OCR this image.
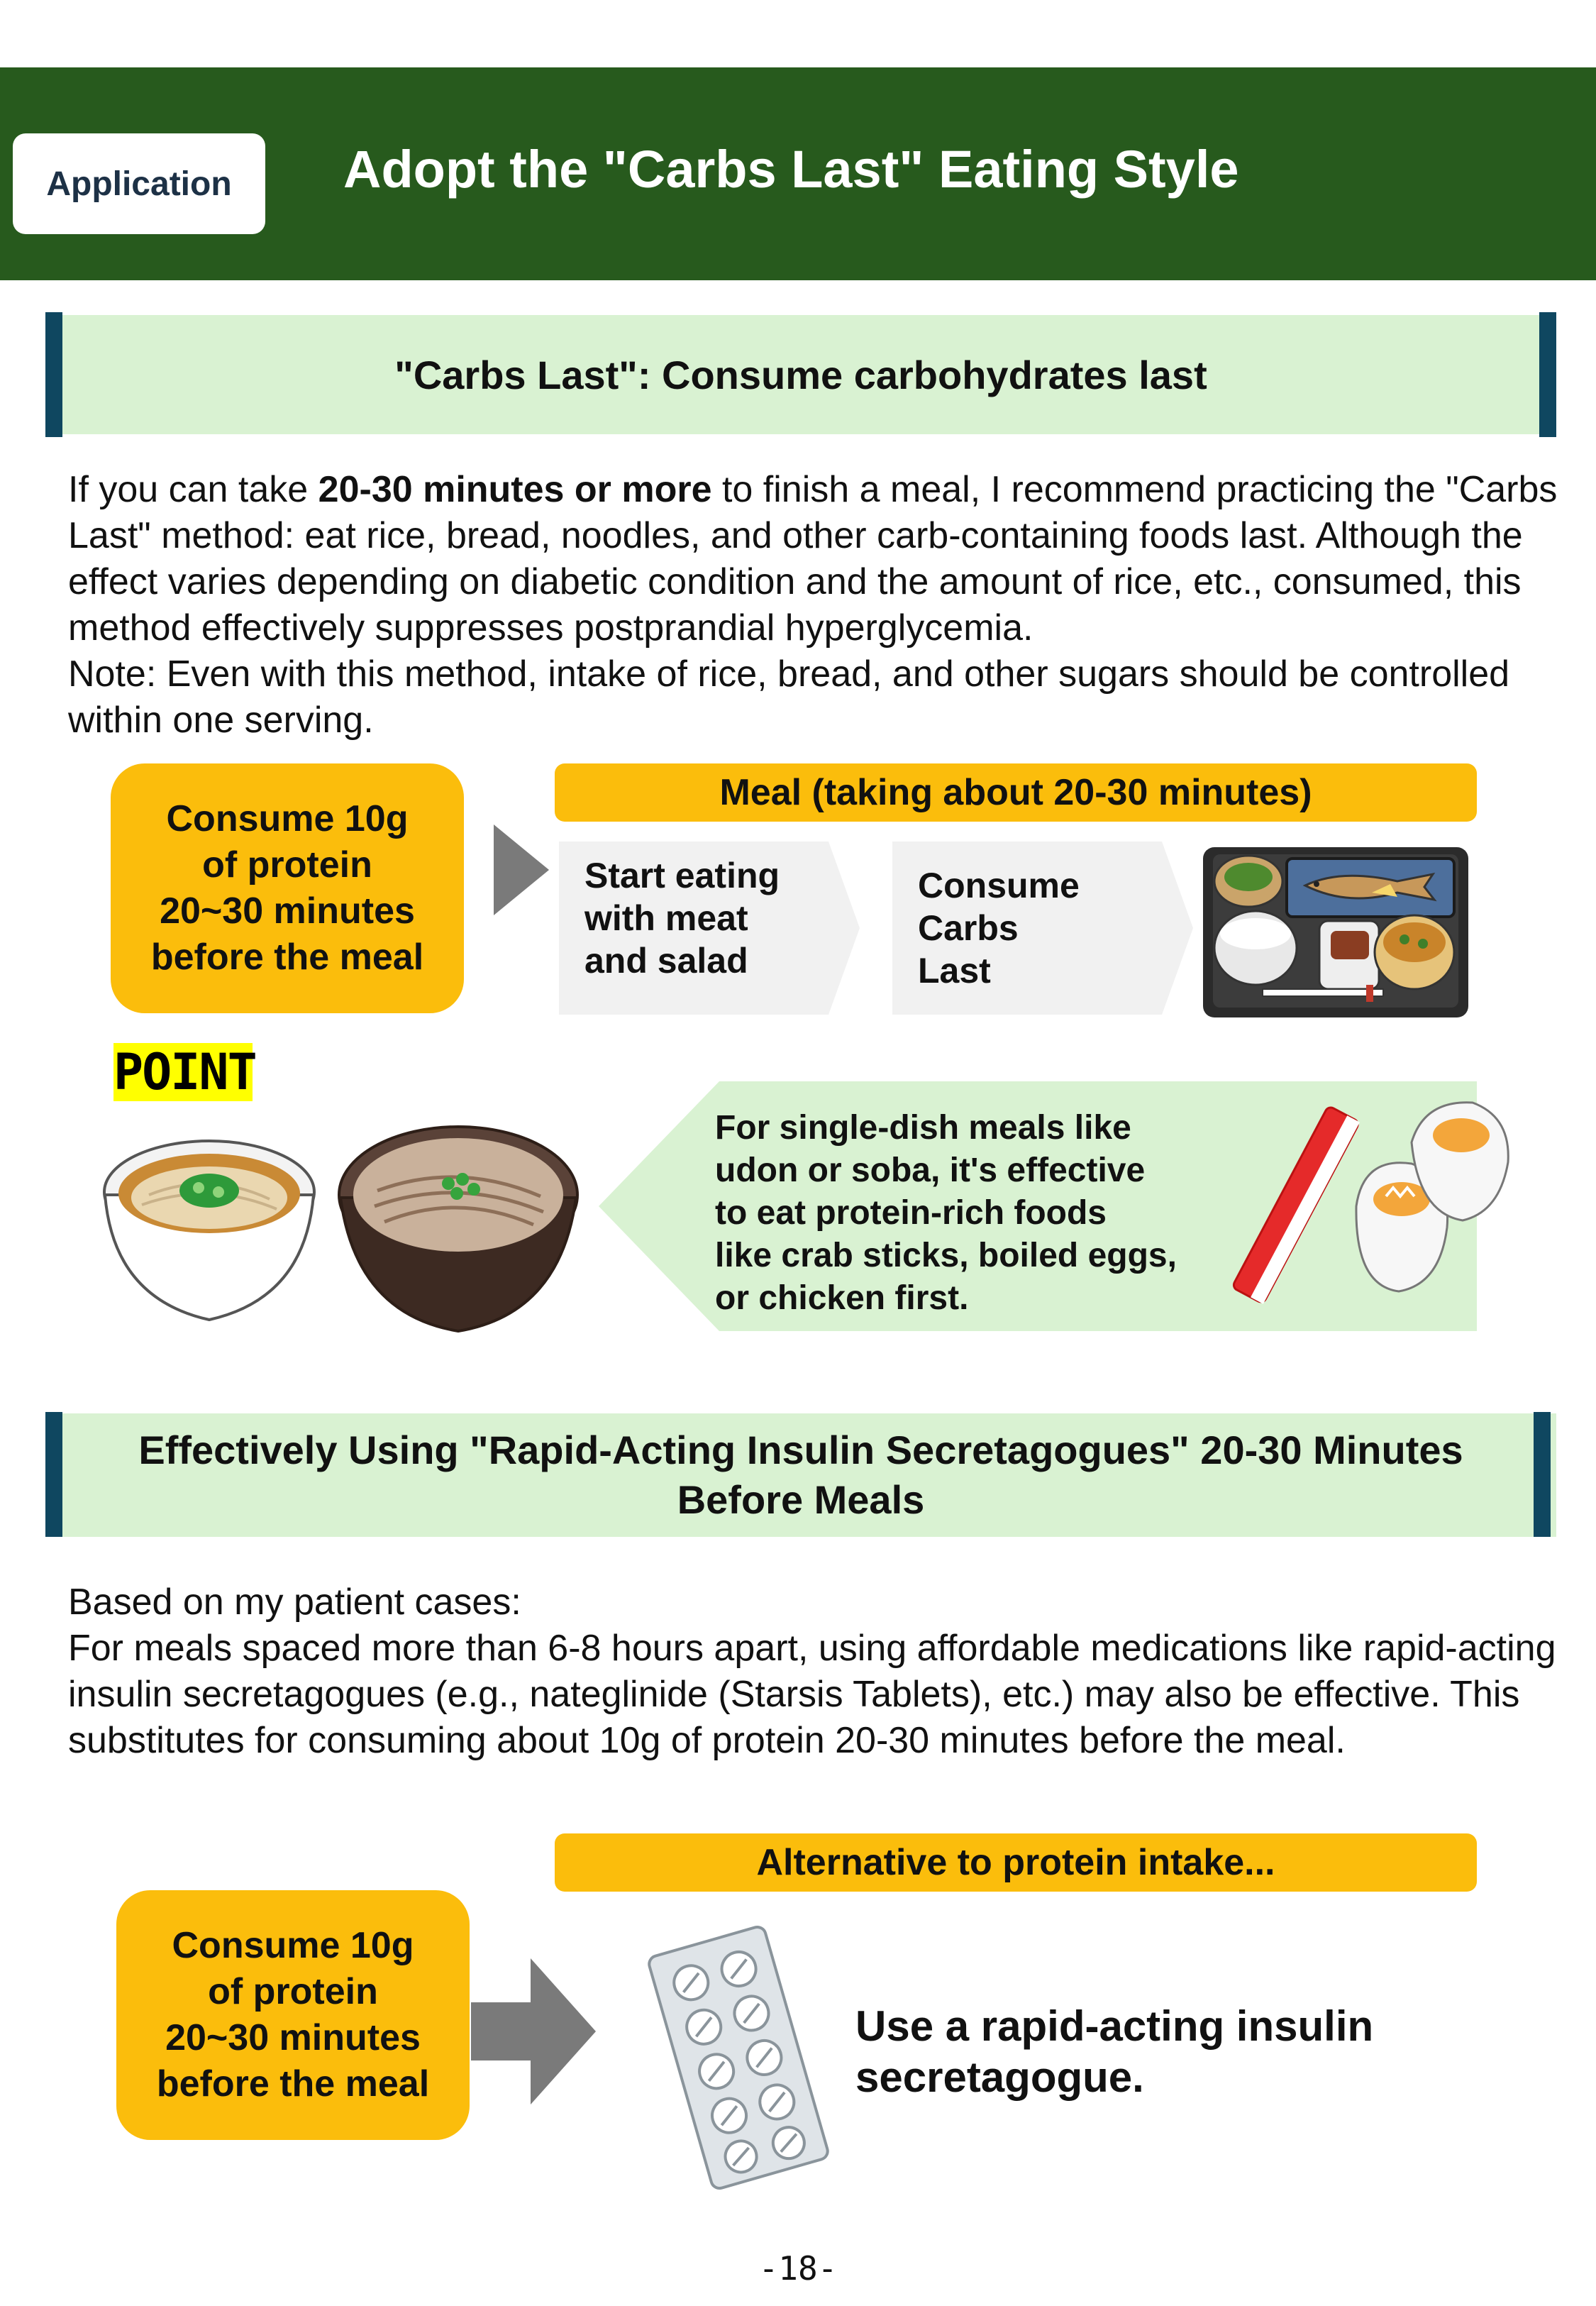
Application Adopt the "Carbs Last" Eating Style
"Carbs Last": Consume carbohydrates last
If you can take 20-30 minutes or more to finish a meal, I recommend practicing the "Carbs Last" method: eat rice, bread, noodles, and other carb-containing foods last. Although the effect varies depending on diabetic condition and the amount of rice, etc., consumed, this method effectively suppresses postprandial hyperglycemia.
Note: Even with this method, intake of rice, bread, and other sugars should be controlled within one serving.
Consume 10g
of protein
20~30 minutes
before the meal
Meal (taking about 20-30 minutes)
Start eating
with meat
and salad
Consume
Carbs
Last
POINT
For single-dish meals like
udon or soba, it's effective
to eat protein-rich foods
like crab sticks, boiled eggs,
or chicken first.
Effectively Using "Rapid-Acting Insulin Secretagogues" 20-30 Minutes
Before Meals
Based on my patient cases:
For meals spaced more than 6-8 hours apart, using affordable medications like rapid-acting insulin secretagogues (e.g., nateglinide (Starsis Tablets), etc.) may also be effective. This substitutes for consuming about 10g of protein 20-30 minutes before the meal.
Alternative to protein intake...
Consume 10g
of protein
20~30 minutes
before the meal
Use a rapid-acting insulin
secretagogue.
-18-
